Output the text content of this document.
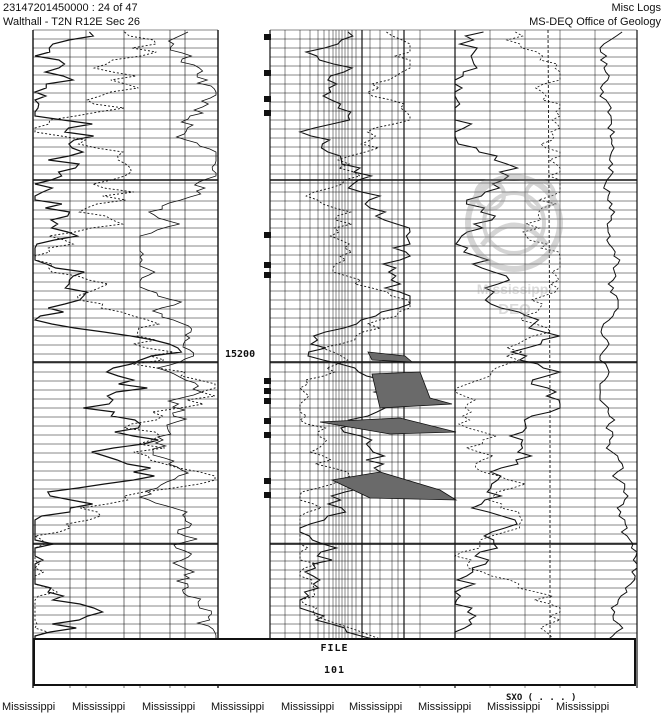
23147201450000 : 24 of 47
Walthall - T2N R12E Sec 26
Misc Logs
MS-DEQ Office of Geology
Mississippi
DEQ
15200
FILE
101
SXO ( . . . )
Mississippi Mississippi Mississippi Mississippi Mississippi Mississippi Mississippi Mississippi Mississippi
